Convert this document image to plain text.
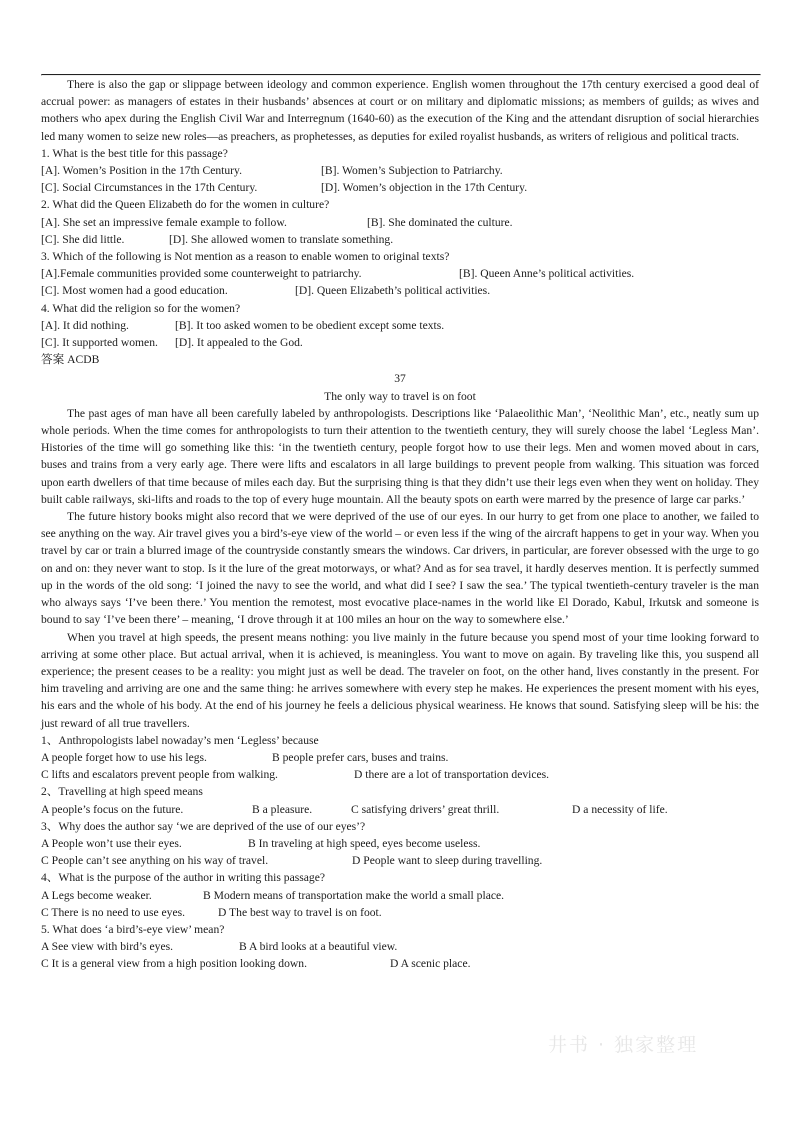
There is also the gap or slippage between ideology and common experience. English women throughout the 17th century exercised a good deal of accrual power: as managers of estates in their husbands’ absences at court or on military and diplomatic missions; as members of guilds; as wives and mothers who apex during the English Civil War and Interregnum (1640-60) as the execution of the King and the attendant disruption of social hierarchies led many women to seize new roles—as preachers, as prophetesses, as deputies for exiled royalist husbands, as writers of religious and political tracts.

1. What is the best title for this passage?

[A]. Women’s Position in the 17th Century.	[B]. Women’s Subjection to Patriarchy.
[C]. Social Circumstances in the 17th Century.	[D]. Women’s objection in the 17th Century.

2. What did the Queen Elizabeth do for the women in culture?

[A]. She set an impressive female example to follow.	[B]. She dominated the culture.
[C]. She did little.	[D]. She allowed women to translate something.

3. Which of the following is Not mention as a reason to enable women to original texts?

[A].Female communities provided some counterweight to patriarchy.	[B]. Queen Anne’s political activities.
[C]. Most women had a good education.	[D]. Queen Elizabeth’s political activities.

4. What did the religion so for the women?

[A]. It did nothing.	[B]. It too asked women to be obedient except some texts.
[C]. It supported women.	[D]. It appealed to the God.

答案 ACDB

37

The only way to travel is on foot

The past ages of man have all been carefully labeled by anthropologists. Descriptions like ‘Palaeolithic Man’, ‘Neolithic Man’, etc., neatly sum up whole periods. When the time comes for anthropologists to turn their attention to the twentieth century, they will surely choose the label ‘Legless Man’. Histories of the time will go something like this: ‘in the twentieth century, people forgot how to use their legs. Men and women moved about in cars, buses and trains from a very early age. There were lifts and escalators in all large buildings to prevent people from walking. This situation was forced upon earth dwellers of that time because of miles each day. But the surprising thing is that they didn’t use their legs even when they went on holiday. They built cable railways, ski-lifts and roads to the top of every huge mountain. All the beauty spots on earth were marred by the presence of large car parks.’

The future history books might also record that we were deprived of the use of our eyes. In our hurry to get from one place to another, we failed to see anything on the way. Air travel gives you a bird’s-eye view of the world – or even less if the wing of the aircraft happens to get in your way. When you travel by car or train a blurred image of the countryside constantly smears the windows. Car drivers, in particular, are forever obsessed with the urge to go on and on: they never want to stop. Is it the lure of the great motorways, or what? And as for sea travel, it hardly deserves mention. It is perfectly summed up in the words of the old song: ‘I joined the navy to see the world, and what did I see? I saw the sea.’ The typical twentieth-century traveler is the man who always says ‘I’ve been there.’ You mention the remotest, most evocative place-names in the world like El Dorado, Kabul, Irkutsk and someone is bound to say ‘I’ve been there’ – meaning, ‘I drove through it at 100 miles an hour on the way to somewhere else.’

When you travel at high speeds, the present means nothing: you live mainly in the future because you spend most of your time looking forward to arriving at some other place. But actual arrival, when it is achieved, is meaningless. You want to move on again. By traveling like this, you suspend all experience; the present ceases to be a reality: you might just as well be dead. The traveler on foot, on the other hand, lives constantly in the present. For him traveling and arriving are one and the same thing: he arrives somewhere with every step he makes. He experiences the present moment with his eyes, his ears and the whole of his body. At the end of his journey he feels a delicious physical weariness. He knows that sound. Satisfying sleep will be his: the just reward of all true travellers.

1、Anthropologists label nowaday’s men ‘Legless’ because

A people forget how to use his legs.	B people prefer cars, buses and trains.
C lifts and escalators prevent people from walking.	D there are a lot of transportation devices.

2、Travelling at high speed means

A people’s focus on the future.	B a pleasure.	C satisfying drivers’ great thrill.	D a necessity of life.

3、Why does the author say ‘we are deprived of the use of our eyes’?

A People won’t use their eyes.	B In traveling at high speed, eyes become useless.
C People can’t see anything on his way of travel.	D People want to sleep during travelling.

4、What is the purpose of the author in writing this passage?

A Legs become weaker.	B Modern means of transportation make the world a small place.
C There is no need to use eyes.	D The best way to travel is on foot.

5. What does ‘a bird’s-eye view’ mean?

A See view with bird’s eyes.	B A bird looks at a beautiful view.
C It is a general view from a high position looking down.	D A scenic place.
井书 · 独家整理
